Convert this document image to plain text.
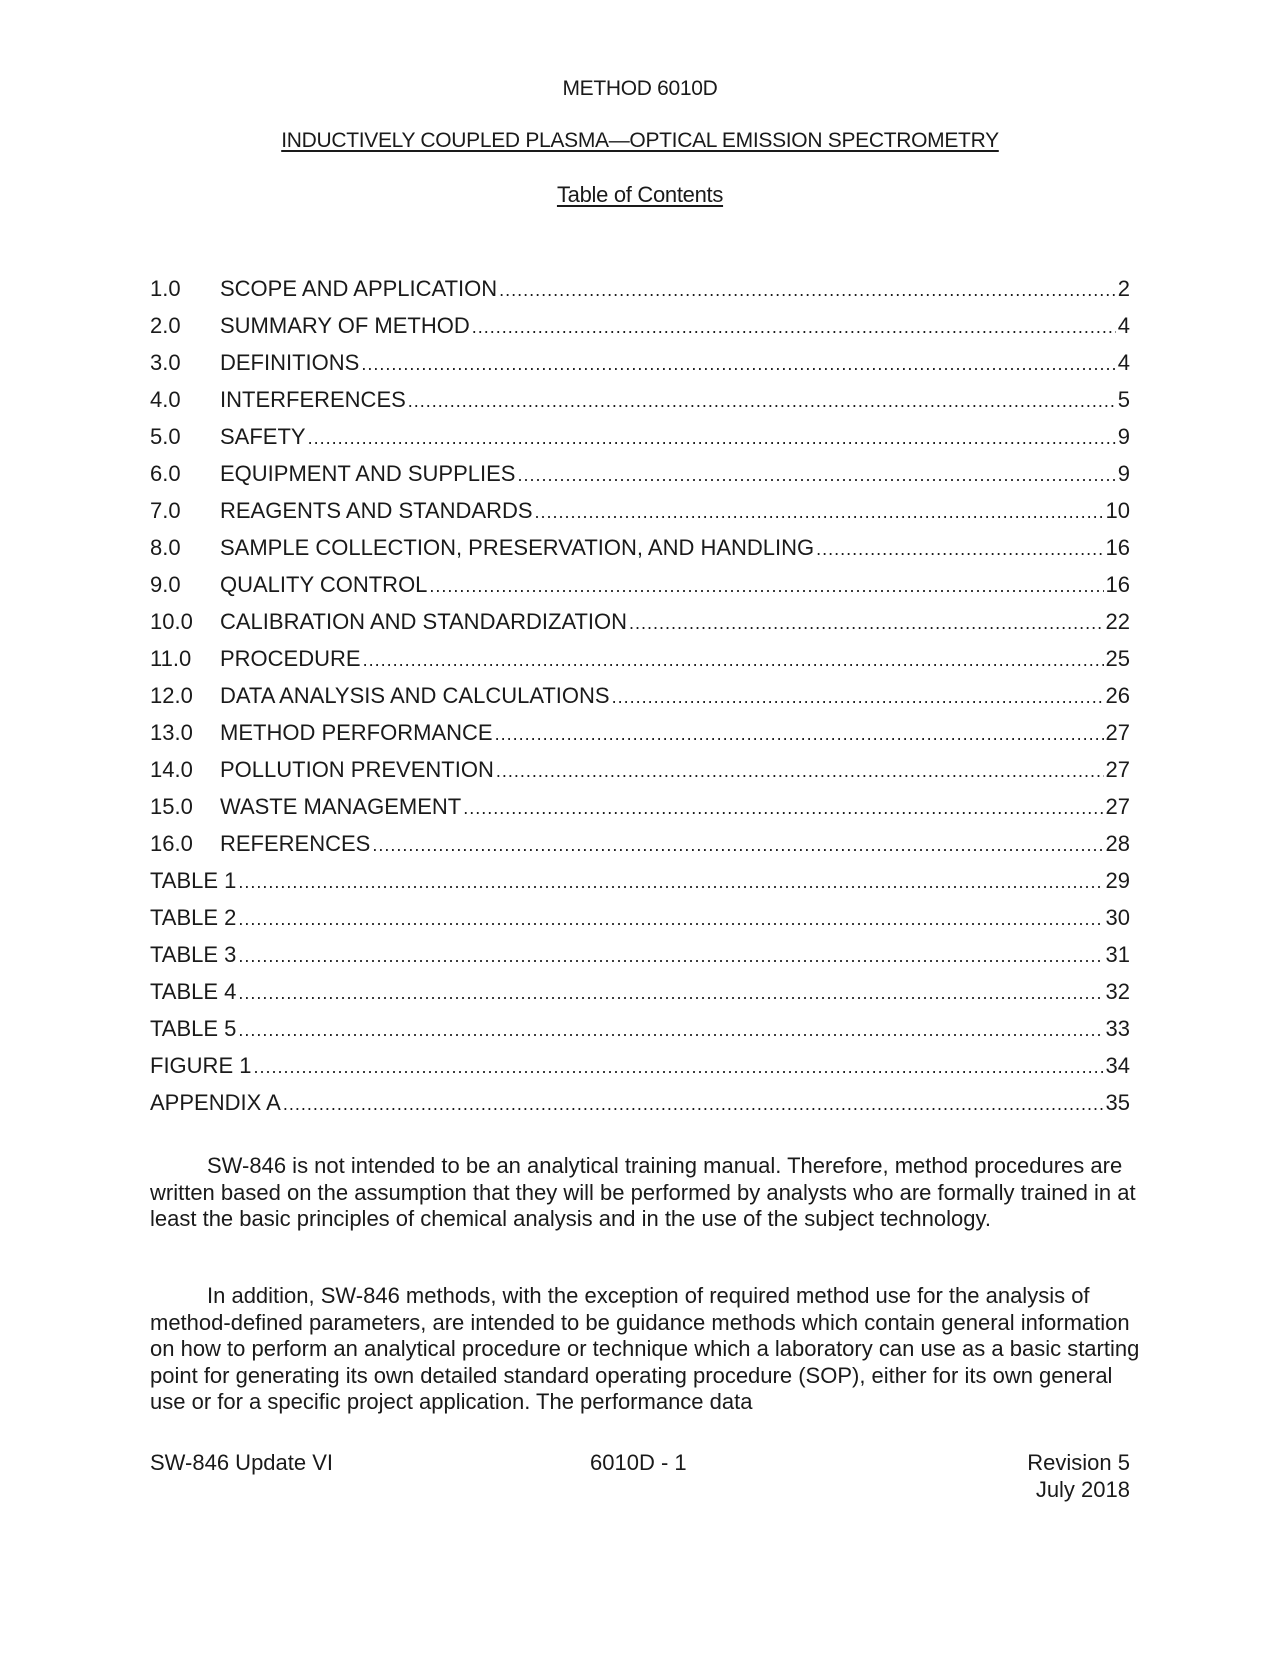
METHOD 6010D
INDUCTIVELY COUPLED PLASMA—OPTICAL EMISSION SPECTROMETRY
Table of Contents
1.0	SCOPE AND APPLICATION .....	2
2.0	SUMMARY OF METHOD .....	4
3.0	DEFINITIONS .....	4
4.0	INTERFERENCES .....	5
5.0	SAFETY .....	9
6.0	EQUIPMENT AND SUPPLIES .....	9
7.0	REAGENTS AND STANDARDS .....	10
8.0	SAMPLE COLLECTION, PRESERVATION, AND HANDLING .....	16
9.0	QUALITY CONTROL .....	16
10.0	CALIBRATION AND STANDARDIZATION .....	22
11.0	PROCEDURE .....	25
12.0	DATA ANALYSIS AND CALCULATIONS .....	26
13.0	METHOD PERFORMANCE .....	27
14.0	POLLUTION PREVENTION .....	27
15.0	WASTE MANAGEMENT .....	27
16.0	REFERENCES .....	28
TABLE 1 .....	29
TABLE 2 .....	30
TABLE 3 .....	31
TABLE 4 .....	32
TABLE 5 .....	33
FIGURE 1 .....	34
APPENDIX A .....	35

SW-846 is not intended to be an analytical training manual. Therefore, method procedures are written based on the assumption that they will be performed by analysts who are formally trained in at least the basic principles of chemical analysis and in the use of the subject technology.

In addition, SW-846 methods, with the exception of required method use for the analysis of method-defined parameters, are intended to be guidance methods which contain general information on how to perform an analytical procedure or technique which a laboratory can use as a basic starting point for generating its own detailed standard operating procedure (SOP), either for its own general use or for a specific project application. The performance data

SW-846 Update VI	6010D - 1	Revision 5
July 2018
